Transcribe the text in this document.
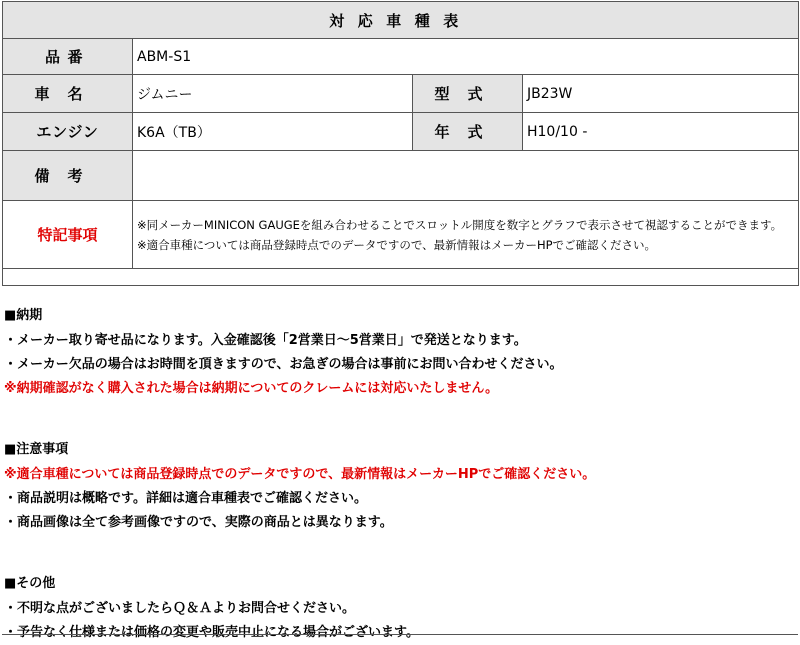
対応車種表			
品番	ABM-S1		
車名	ジムニー	型式	JB23W
エンジン	K6A（TB）	年式	H10/10 -
備考			
特記事項	※同メーカーMINICON GAUGEを組み合わせることでスロットル開度を数字とグラフで表示させて視認することができます。
※適合車種については商品登録時点でのデータですので、最新情報はメーカーHPでご確認ください。		

■納期
・メーカー取り寄せ品になります。入金確認後「2営業日～5営業日」で発送となります。
・メーカー欠品の場合はお時間を頂きますので、お急ぎの場合は事前にお問い合わせください。
※納期確認がなく購入された場合は納期についてのクレームには対応いたしません。
■注意事項
※適合車種については商品登録時点でのデータですので、最新情報はメーカーHPでご確認ください。
・商品説明は概略です。詳細は適合車種表でご確認ください。
・商品画像は全て参考画像ですので、実際の商品とは異なります。
■その他
・不明な点がございましたらＱ＆Ａよりお問合せください。
・予告なく仕様または価格の変更や販売中止になる場合がございます。
